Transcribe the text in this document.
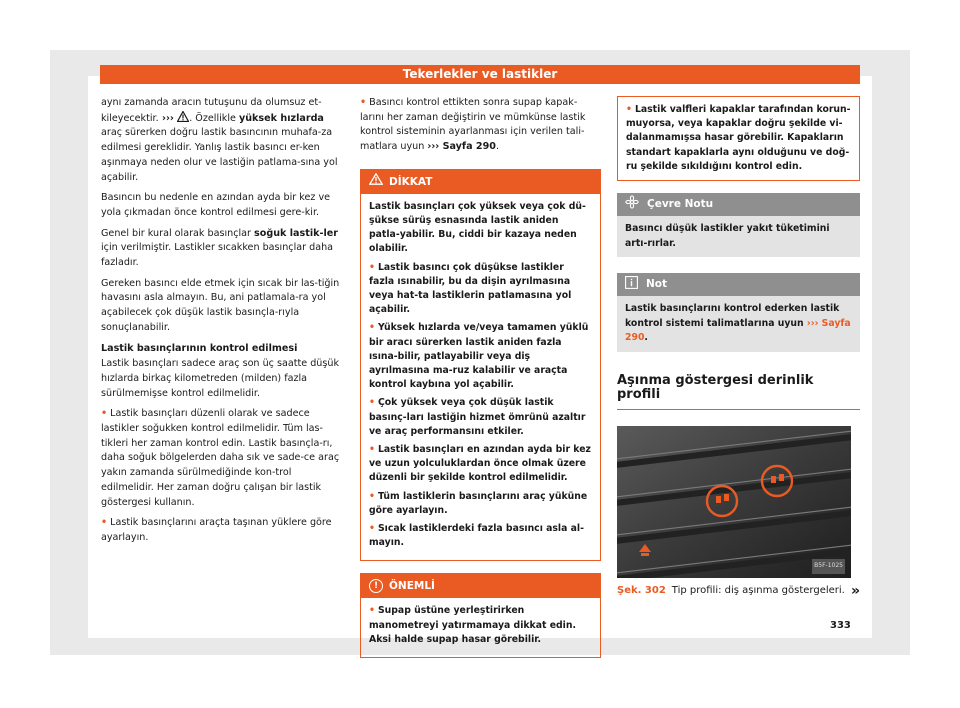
Tekerlekler ve lastikler

aynı zamanda aracın tutuşunu da olumsuz et-kileyecektir. ››› . Özellikle yüksek hızlarda araç sürerken doğru lastik basıncının muhafa-za edilmesi gereklidir. Yanlış lastik basıncı er-ken aşınmaya neden olur ve lastiğin patlama-sına yol açabilir.

Basıncın bu nedenle en azından ayda bir kez ve yola çıkmadan önce kontrol edilmesi gere-kir.

Genel bir kural olarak basınçlar soğuk lastik-ler için verilmiştir. Lastikler sıcakken basınçlar daha fazladır.

Gereken basıncı elde etmek için sıcak bir las-tiğin havasını asla almayın. Bu, ani patlamala-ra yol açabilecek çok düşük lastik basınçla-rıyla sonuçlanabilir.

Lastik basınçlarının kontrol edilmesi

Lastik basınçları sadece araç son üç saatte düşük hızlarda birkaç kilometreden (milden) fazla sürülmemişse kontrol edilmelidir.

• Lastik basınçları düzenli olarak ve sadece lastikler soğukken kontrol edilmelidir. Tüm las-tikleri her zaman kontrol edin. Lastik basınçla-rı, daha soğuk bölgelerden daha sık ve sade-ce araç yakın zamanda sürülmediğinde kon-trol edilmelidir. Her zaman doğru çalışan bir lastik göstergesi kullanın.

• Lastik basınçlarını araçta taşınan yüklere göre ayarlayın.

• Basıncı kontrol ettikten sonra supap kapak-larını her zaman değiştirin ve mümkünse lastik kontrol sisteminin ayarlanması için verilen tali-matlara uyun ››› Sayfa 290.

DİKKAT

Lastik basınçları çok yüksek veya çok dü-şükse sürüş esnasında lastik aniden patla-yabilir. Bu, ciddi bir kazaya neden olabilir.

• Lastik basıncı çok düşükse lastikler fazla ısınabilir, bu da dişin ayrılmasına veya hat-ta lastiklerin patlamasına yol açabilir.

• Yüksek hızlarda ve/veya tamamen yüklü bir aracı sürerken lastik aniden fazla ısına-bilir, patlayabilir veya diş ayrılmasına ma-ruz kalabilir ve araçta kontrol kaybına yol açabilir.

• Çok yüksek veya çok düşük lastik basınç-ları lastiğin hizmet ömrünü azaltır ve araç performansını etkiler.

• Lastik basınçları en azından ayda bir kez ve uzun yolculuklardan önce olmak üzere düzenli bir şekilde kontrol edilmelidir.

• Tüm lastiklerin basınçlarını araç yüküne göre ayarlayın.

• Sıcak lastiklerdeki fazla basıncı asla al-mayın.

!	ÖNEMLİ

• Supap üstüne yerleştirirken manometreyi yatırmamaya dikkat edin. Aksi halde supap hasar görebilir.

• Lastik valfleri kapaklar tarafından korun-muyorsa, veya kapaklar doğru şekilde vi-dalanmamışsa hasar görebilir. Kapakların standart kapaklarla aynı olduğunu ve doğ-ru şekilde sıkıldığını kontrol edin.

Çevre Notu
Basıncı düşük lastikler yakıt tüketimini artı-rırlar.
Not
Lastik basınçlarını kontrol ederken lastik kontrol sistemi talimatlarına uyun ››› Sayfa 290.
Aşınma göstergesi derinlik profili
B5F-1025
Şek. 302 Tip profili: diş aşınma göstergeleri. »
333
